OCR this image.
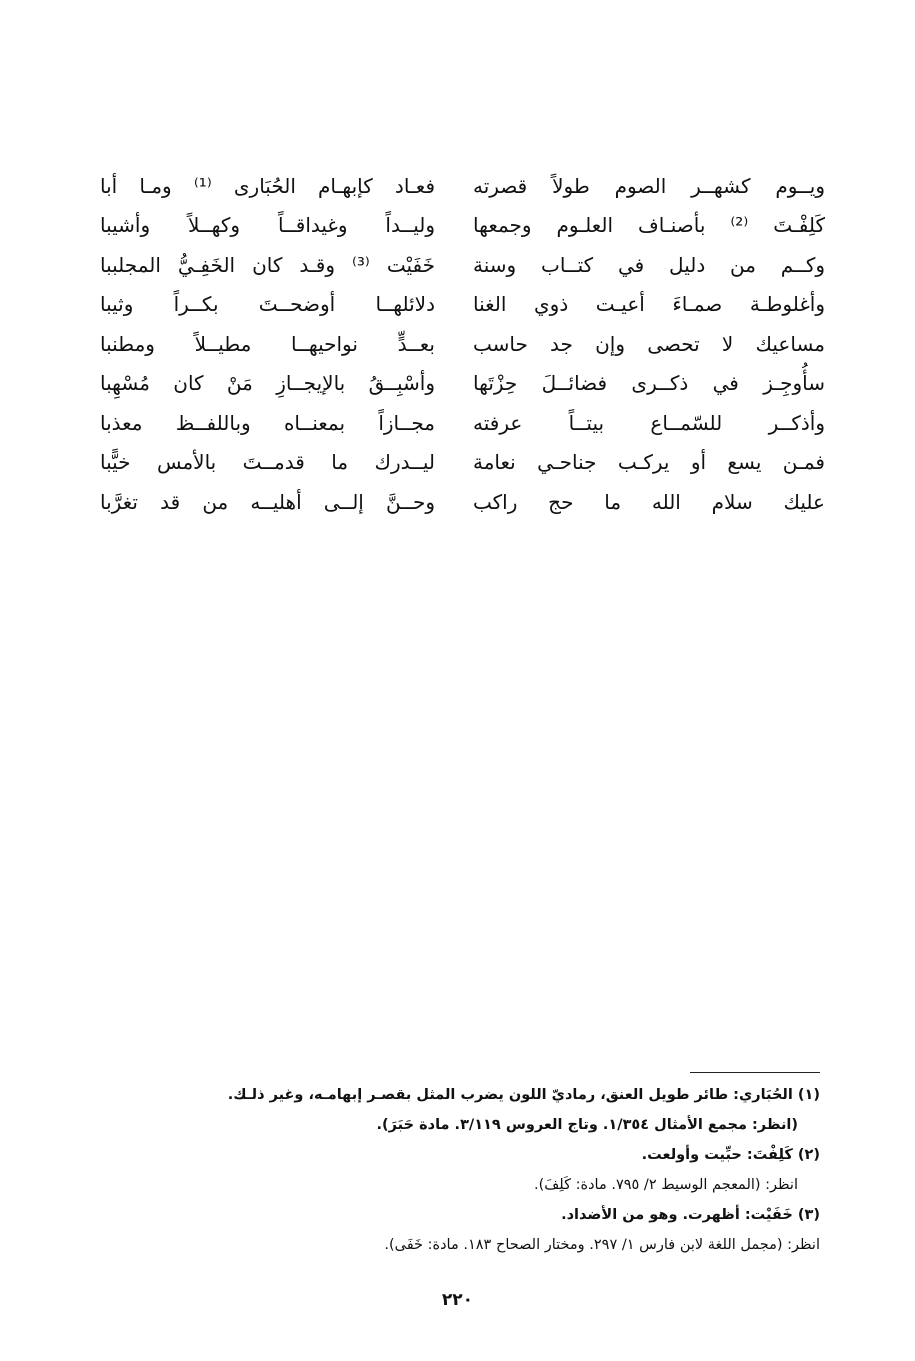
ويــوم كشهــر الصوم طولاً قصرته
فعـاد كإبهـام الحُبَارى ⁽¹⁾ ومـا أبا
كَلِفْـتَ ⁽²⁾ بأصنـاف العلـوم وجمعها
وليــداً وغيداقــاً وكهــلاً وأشيبا
وكــم من دليل في كتــاب وسنة
خَفَيْت ⁽³⁾ وقـد كان الخَفِـيُّ المجلببا
وأغلوطـة صمـاءَ أعيـت ذوي الغنا
دلائلهــا أوضحــتَ بكــراً وثيبا
مساعيك لا تحصى وإن جد حاسب
بعــدٍّ نواحيهــا مطيــلاً ومطنبا
سأُوجِـز في ذكــرى فضائــلَ حِزْتَها
وأسْبِــقُ بالإيجــازِ مَنْ كان مُسْهِبا
وأذكــر للسّمــاع بيتــاً عرفته
مجــازاً بمعنــاه وباللفــظ معذبا
فمـن يسع أو يركـب جناحـي نعامة
ليــدرك ما قدمــتَ بالأمس خيًّبا
عليك سلام الله ما حج راكب
وحــنَّ إلــى أهليــه من قد تغرَّبا
(١) الحُبَاري: طائر طويل العنق، رماديّ اللون يضرب المثل بقصـر إبهامـه، وغير ذلـك.
(انظر: مجمع الأمثال ١/٣٥٤. وتاج العروس ٣/١١٩. مادة حَبَرَ).
(٢) كَلِفْتَ: حبِّيت وأولعت.
انظر: (المعجم الوسيط ٢/ ٧٩٥. مادة: كَلِفَ).
(٣) خَفَيْت: أظهرت. وهو من الأضداد.
انظر: (مجمل اللغة لابن فارس ١/ ٢٩٧. ومختار الصحاح ١٨٣. مادة: خَفَى).
٢٢٠
